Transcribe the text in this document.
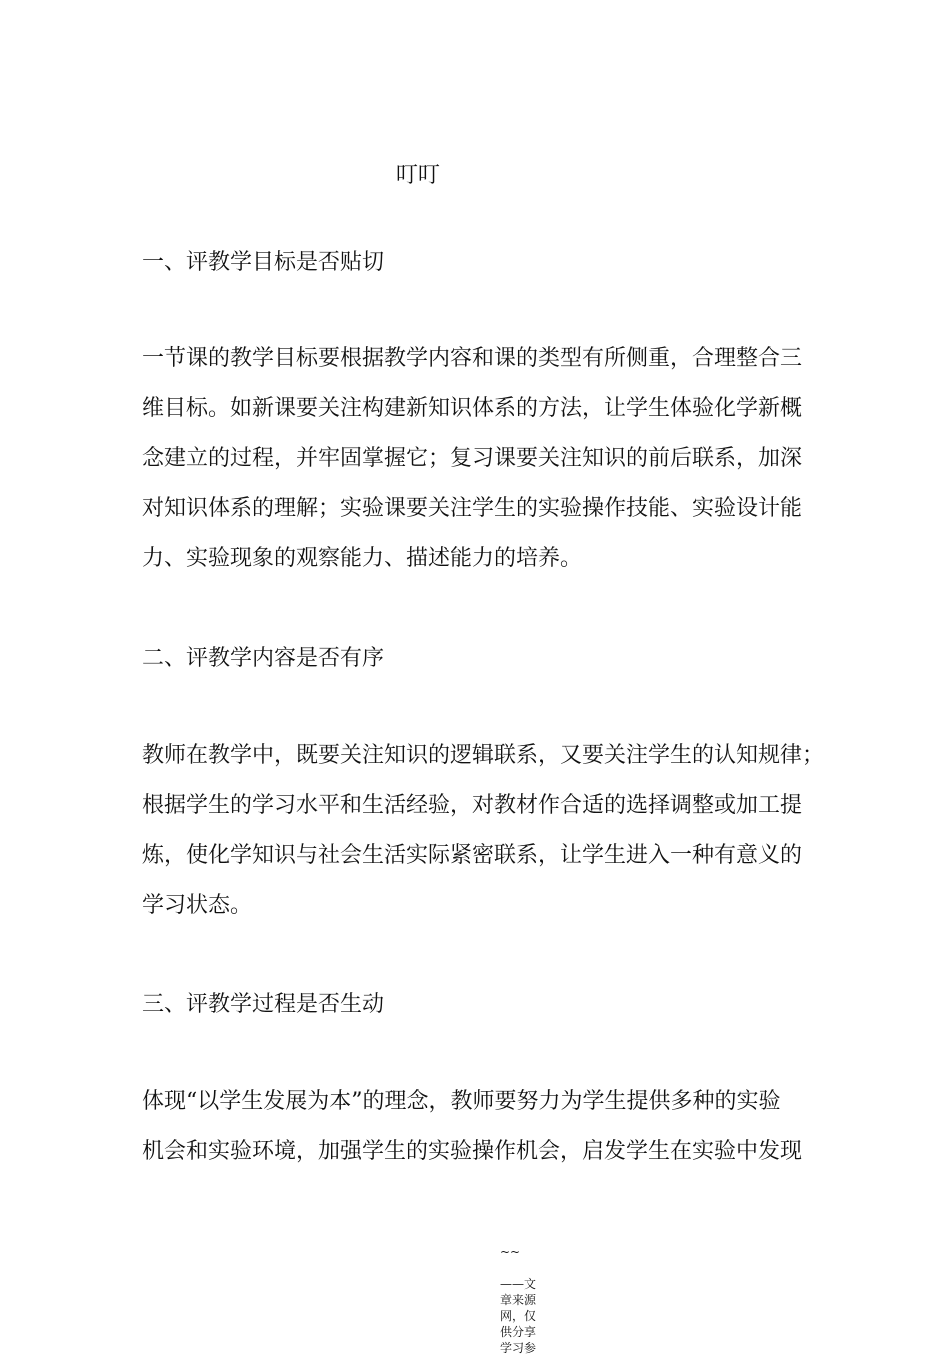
叮叮
一、评教学目标是否贴切
一节课的教学目标要根据教学内容和课的类型有所侧重，合理整合三
维目标。如新课要关注构建新知识体系的方法，让学生体验化学新概
念建立的过程，并牢固掌握它；复习课要关注知识的前后联系，加深
对知识体系的理解；实验课要关注学生的实验操作技能、实验设计能
力、实验现象的观察能力、描述能力的培养。
二、评教学内容是否有序
教师在教学中，既要关注知识的逻辑联系，又要关注学生的认知规律；
根据学生的学习水平和生活经验，对教材作合适的选择调整或加工提
炼，使化学知识与社会生活实际紧密联系，让学生进入一种有意义的
学习状态。
三、评教学过程是否生动
体现“以学生发展为本”的理念，教师要努力为学生提供多种的实验
机会和实验环境，加强学生的实验操作机会，启发学生在实验中发现
~~
——文章来源网，仅供分享学习参
